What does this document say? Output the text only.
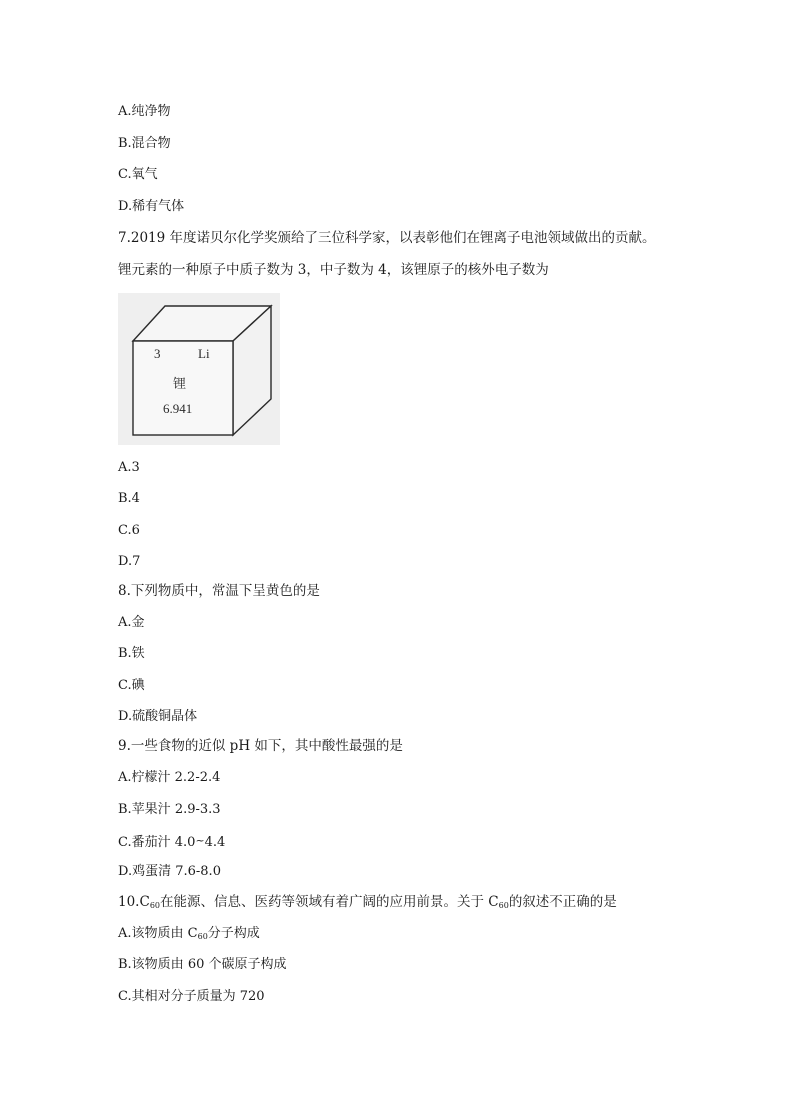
A.纯净物
B.混合物
C.氧气
D.稀有气体
7.2019 年度诺贝尔化学奖颁给了三位科学家，以表彰他们在锂离子电池领域做出的贡献。
锂元素的一种原子中质子数为 3，中子数为 4，该锂原子的核外电子数为
3	Li
锂
6.941
A.3
B.4
C.6
D.7
8.下列物质中，常温下呈黄色的是
A.金
B.铁
C.碘
D.硫酸铜晶体
9.一些食物的近似 pH 如下，其中酸性最强的是
A.柠檬汁 2.2-2.4
B.苹果汁 2.9-3.3
C.番茄汁 4.0~4.4
D.鸡蛋清 7.6-8.0
$10.C_{60}$在能源、信息、医药等领域有着广阔的应用前景。关于 $C_{60}$的叙述不正确的是
A.该物质由 $C_{60}$分子构成
B.该物质由 60 个碳原子构成
C.其相对分子质量为 720
